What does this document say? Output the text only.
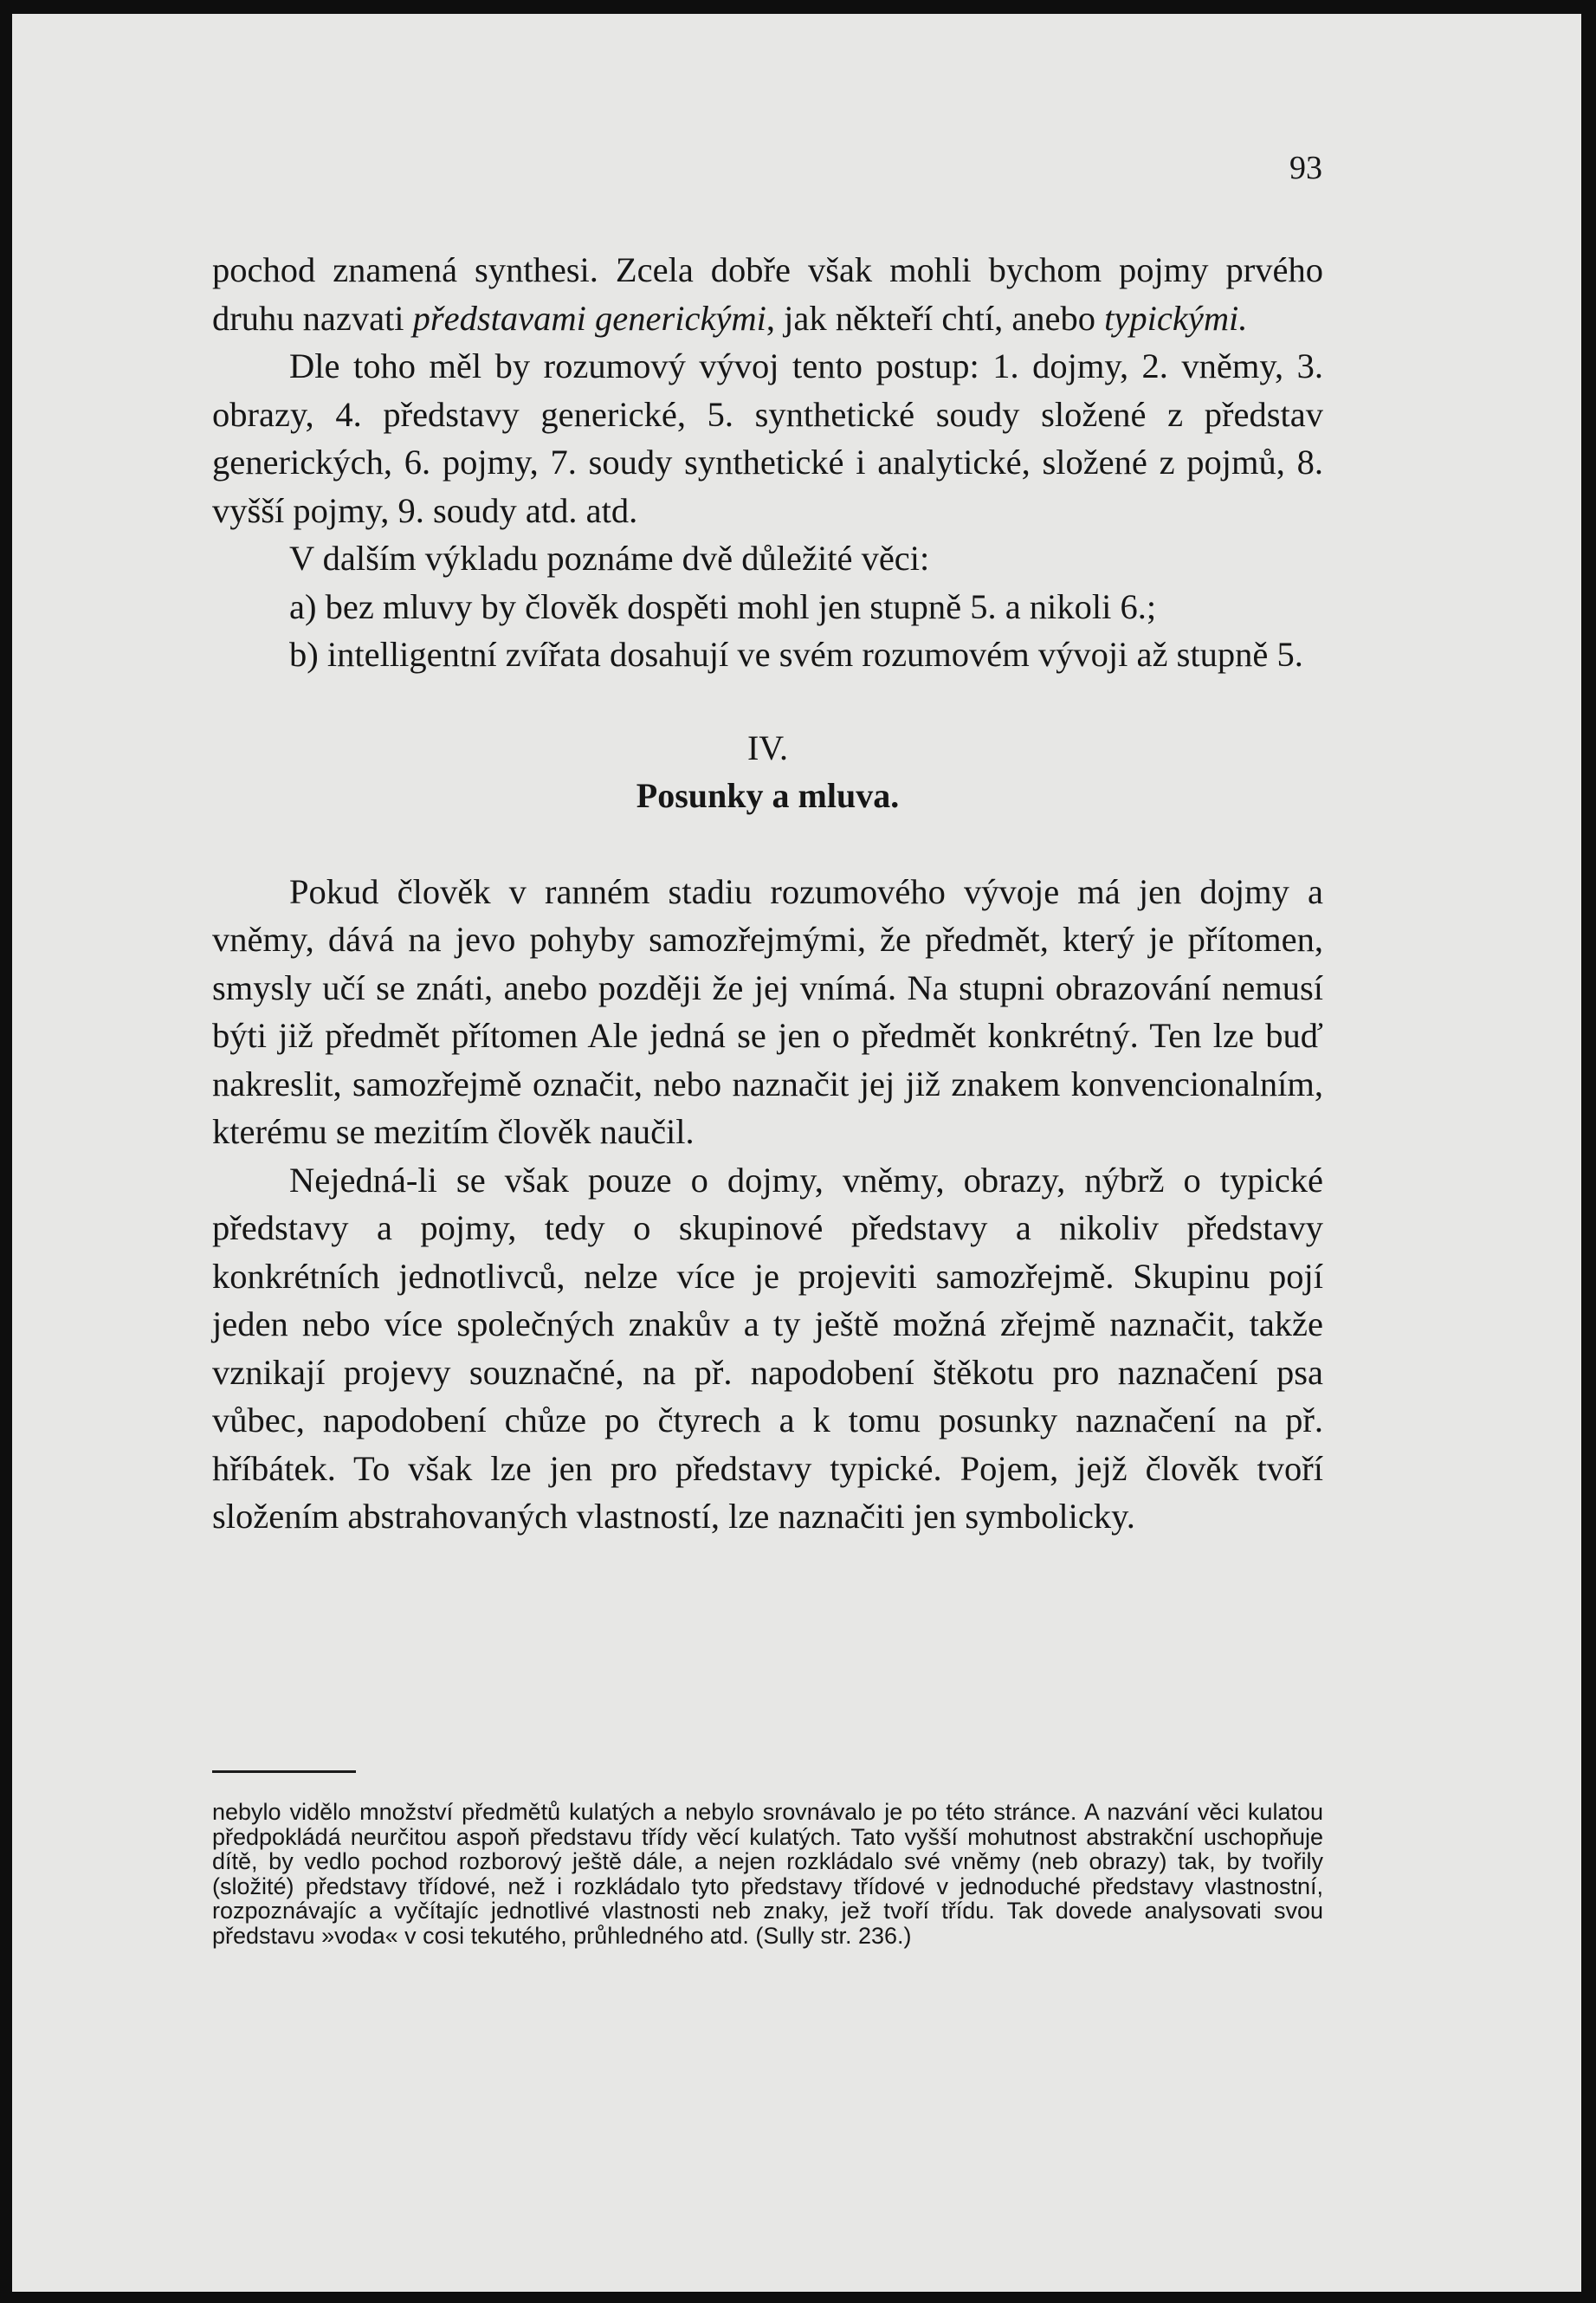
93

pochod znamená synthesi. Zcela dobře však mohli bychom pojmy prvého druhu nazvati představami generickými, jak někteří chtí, anebo typickými.

Dle toho měl by rozumový vývoj tento postup: 1. dojmy, 2. vněmy, 3. obrazy, 4. představy generické, 5. synthetické soudy složené z představ generických, 6. pojmy, 7. soudy synthetické i analytické, složené z pojmů, 8. vyšší pojmy, 9. soudy atd. atd.

V dalším výkladu poznáme dvě důležité věci:

a) bez mluvy by člověk dospěti mohl jen stupně 5. a nikoli 6.;

b) intelligentní zvířata dosahují ve svém rozumovém vývoji až stupně 5.

IV.
Posunky a mluva.

Pokud člověk v ranném stadiu rozumového vývoje má jen dojmy a vněmy, dává na jevo pohyby samozřejmými, že předmět, který je přítomen, smysly učí se znáti, anebo později že jej vnímá. Na stupni obrazování nemusí býti již předmět přítomen Ale jedná se jen o předmět konkrétný. Ten lze buď nakreslit, samozřejmě označit, nebo naznačit jej již znakem konvencionalním, kterému se mezitím člověk naučil.

Nejedná-li se však pouze o dojmy, vněmy, obrazy, nýbrž o typické představy a pojmy, tedy o skupinové představy a nikoliv představy konkrétních jednotlivců, nelze více je projeviti samozřejmě. Skupinu pojí jeden nebo více společných znakův a ty ještě možná zřejmě naznačit, takže vznikají projevy souznačné, na př. napodobení štěkotu pro naznačení psa vůbec, napodobení chůze po čtyrech a k tomu posunky naznačení na př. hříbátek. To však lze jen pro představy typické. Pojem, jejž člověk tvoří složením abstrahovaných vlastností, lze naznačiti jen symbolicky.

nebylo vidělo množství předmětů kulatých a nebylo srovnávalo je po této stránce. A nazvání věci kulatou předpokládá neurčitou aspoň představu třídy věcí kulatých. Tato vyšší mohutnost abstrakční uschopňuje dítě, by vedlo pochod rozborový ještě dále, a nejen rozkládalo své vněmy (neb obrazy) tak, by tvořily (složité) představy třídové, než i rozkládalo tyto představy třídové v jednoduché představy vlastnostní, rozpoznávajíc a vyčítajíc jednotlivé vlastnosti neb znaky, jež tvoří třídu. Tak dovede analysovati svou představu »voda« v cosi tekutého, průhledného atd. (Sully str. 236.)
